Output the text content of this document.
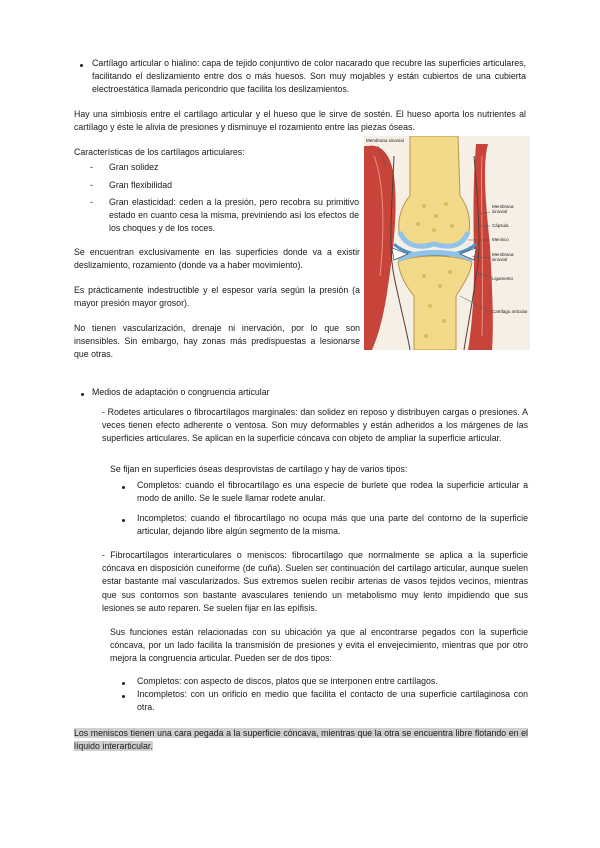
Cartílago articular o hialino: capa de tejido conjuntivo de color nacarado que recubre las superficies articulares, facilitando el deslizamiento entre dos o más huesos. Son muy mojables y están cubiertos de una cubierta electroestática llamada pericondrio que facilita los deslizamientos.
Hay una simbiosis entre el cartílago articular y el hueso que le sirve de sostén. El hueso aporta los nutrientes al cartílago y éste le alivia de presiones y disminuye el rozamiento entre las piezas óseas.
Características de los cartílagos articulares:
- Gran solidez
- Gran flexibilidad
- Gran elasticidad: ceden a la presión, pero recobra su primitivo estado en cuanto cesa la misma, previniendo así los efectos de los choques y de los roces.
Se encuentran exclusivamente en las superficies donde va a existir deslizamiento, rozamiento (donde va a haber movimiento).
Es prácticamente indestructible y el espesor varía según la presión (a mayor presión mayor grosor).
No tienen vascularización, drenaje ni inervación, por lo que son insensibles. Sin embargo, hay zonas más predispuestas a lesionarse que otras.
Membrana sinovial
Membrana sinovial
Cápsula
Menisco
Membrana sinovial
Ligamento
Cartílago articular
Medios de adaptación o congruencia articular
- Rodetes articulares o fibrocartílagos marginales: dan solidez en reposo y distribuyen cargas o presiones. A veces tienen efecto adherente o ventosa. Son muy deformables y están adheridos a los márgenes de las superficies articulares. Se aplican en la superficie cóncava con objeto de ampliar la superficie articular.
Se fijan en superficies óseas desprovistas de cartílago y hay de varios tipos:
Completos: cuando el fibrocartílago es una especie de burlete que rodea la superficie articular a modo de anillo. Se le suele llamar rodete anular.
Incompletos: cuando el fibrocartílago no ocupa más que una parte del contorno de la superficie articular, dejando libre algún segmento de la misma.
- Fibrocartílagos interarticulares o meniscos: fibrocartílago que normalmente se aplica a la superficie cóncava en disposición cuneiforme (de cuña). Suelen ser continuación del cartílago articular, aunque suelen estar bastante mal vascularizados. Sus extremos suelen recibir arterias de vasos tejidos vecinos, mientras que sus contornos son bastante avasculares teniendo un metabolismo muy lento impidiendo que sus lesiones se auto reparen. Se suelen fijar en las epífisis.
Sus funciones están relacionadas con su ubicación ya que al encontrarse pegados con la superficie cóncava, por un lado facilita la transmisión de presiones y evita el envejecimiento, mientras que por otro mejora la congruencia articular. Pueden ser de dos tipos:
Completos: con aspecto de discos, platos que se interponen entre cartílagos.
Incompletos: con un orificio en medio que facilita el contacto de una superficie cartilaginosa con otra.
Los meniscos tienen una cara pegada a la superficie cóncava, mientras que la otra se encuentra libre flotando en el líquido interarticular.
